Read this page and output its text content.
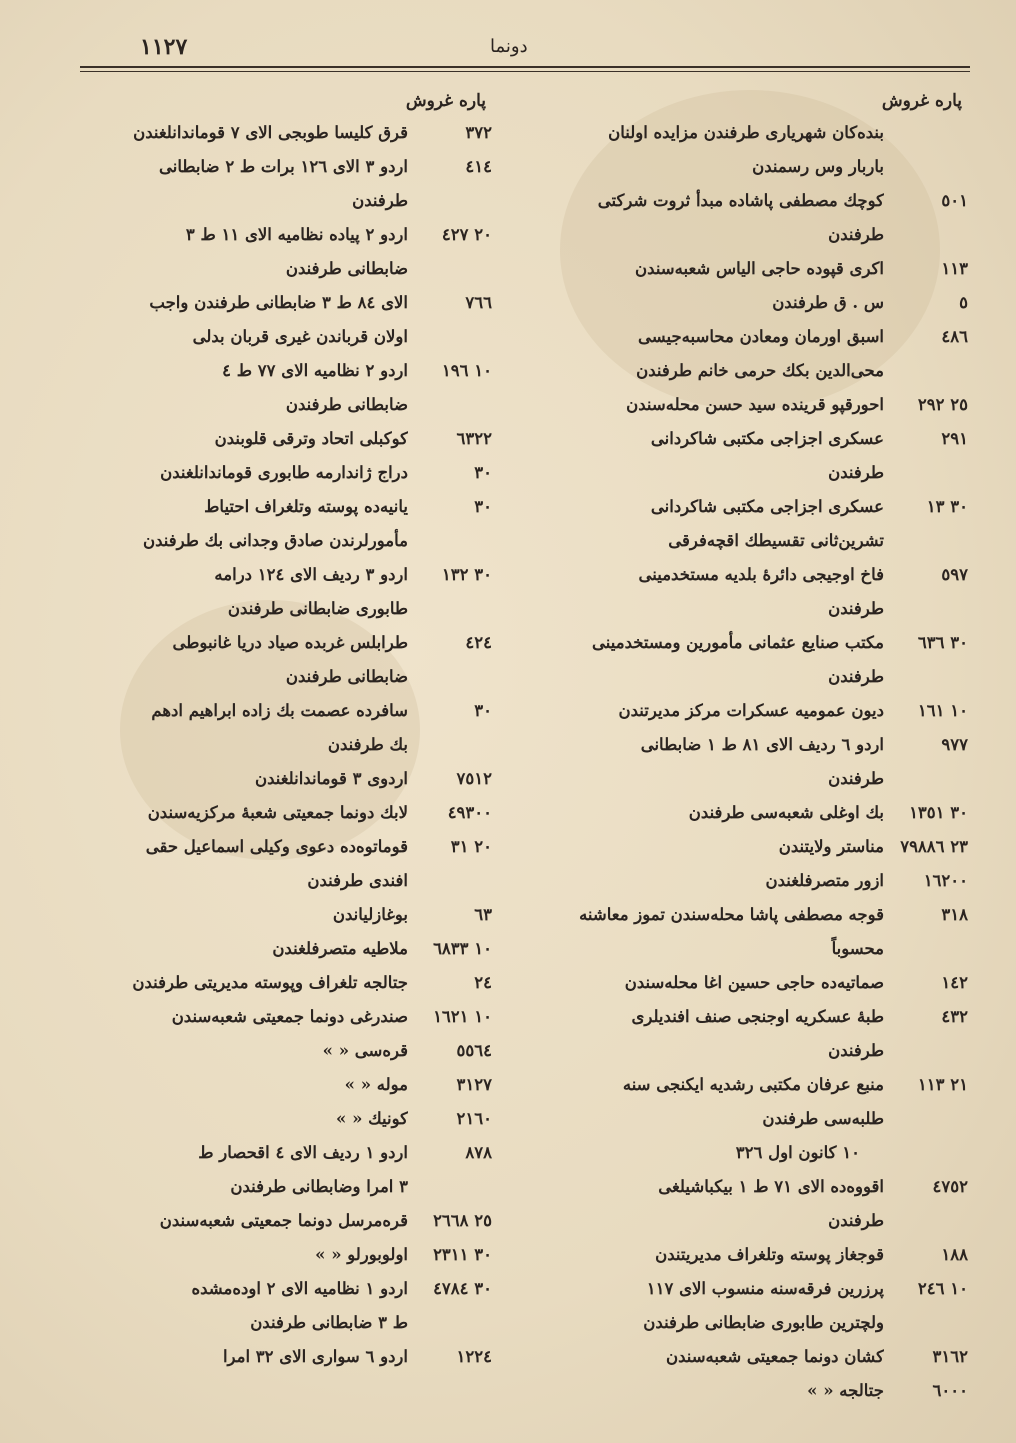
١١٢٧	دونما
پاره غروش
بنده‌کان شهریاری طرفندن مزایده اولنان
باربار وس رسمندن
٥٠١
کوچك مصطفی پاشاده مبدأ ثروت شرکتی
طرفندن
١١٣
اکری قپوده حاجی الیاس شعبه‌سندن
٥
س . ق طرفندن
٤٨٦
اسبق اورمان ومعادن محاسبه‌جیسی
محی‌الدین بکك حرمی خانم طرفندن
٢٥ ٢٩٢
احورقپو قرینده سید حسن محله‌سندن
٢٩١
عسکری اجزاجی مکتبی شاکردانی
طرفندن
٣٠ ١٣
عسکری اجزاجی مکتبی شاکردانی
تشرین‌ثانی تقسیطك اقچه‌فرقی
٥٩٧
فاخ اوجیجی دائرهٔ بلدیه مستخدمینی
طرفندن
٣٠ ٦٣٦
مکتب صنایع عثمانی مأمورین ومستخدمینی
طرفندن
١٠ ١٦١
دیون عمومیه عسکرات مرکز مدیرتندن
٩٧٧
اردو ٦ ردیف الای ٨١ ط ١ ضابطانی
طرفندن
٣٠ ١٣٥١
بك اوغلی شعبه‌سی طرفندن
٢٣ ٧٩٨٨٦
مناستر ولایتندن
١٦٢٠٠
ازور متصرفلغندن
٣١٨
قوجه مصطفی پاشا محله‌سندن تموز معاشنه
محسوباً
١٤٢
صماتیه‌ده حاجی حسین اغا محله‌سندن
٤٣٢
طبهٔ عسکریه اوجنجی صنف افندیلری
طرفندن
٢١ ١١٣
منبع عرفان مکتبی رشدیه ایکنجی سنه
طلبه‌سی طرفندن
١٠ کانون اول ٣٢٦
٤٧٥٢
اقووه‌ده الای ٧١ ط ١ بیکباشیلغی
طرفندن
١٨٨
قوجغاز پوسته وتلغراف مدیریتندن
١٠ ٢٤٦
پرزرین فرقه‌سنه منسوب الای ١١٧
ولچترین طابوری ضابطانی طرفندن
٣١٦٢
کشان دونما جمعیتی شعبه‌سندن
٦٠٠٠
جتالجه « »
پاره غروش
٣٧٢
قرق کلیسا طوبجی الای ٧ قوماندانلغندن
٤١٤
اردو ٣ الای ١٢٦ برات ط ٢ ضابطانی
طرفندن
٢٠ ٤٢٧
اردو ٢ پیاده نظامیه الای ١١ ط ٣
ضابطانی طرفندن
٧٦٦
الای ٨٤ ط ٣ ضابطانی طرفندن واجب
اولان قرباندن غیری قربان بدلی
١٠ ١٩٦
اردو ٢ نظامیه الای ٧٧ ط ٤
ضابطانی طرفندن
٦٣٢٢
کوکبلی اتحاد وترقی قلوبندن
٣٠
دراج ژاندارمه طابوری قوماندانلغندن
٣٠
یانیه‌ده پوسته وتلغراف احتیاط
مأمورلرندن صادق وجدانی بك طرفندن
٣٠ ١٣٢
اردو ٣ ردیف الای ١٢٤ درامه
طابوری ضابطانی طرفندن
٤٢٤
طرابلس غربده صیاد دریا غانبوطی
ضابطانی طرفندن
٣٠
سافرده عصمت بك زاده ابراهیم ادهم
بك طرفندن
٧٥١٢
اردوی ٣ قوماندانلغندن
٤٩٣٠٠
لابك دونما جمعیتی شعبهٔ مرکزیه‌سندن
٢٠ ٣١
قوماتوه‌ده دعوی وکیلی اسماعیل حقی
افندی طرفندن
٦٣
بوغازلیاندن
١٠ ٦٨٣٣
ملاطیه متصرفلغندن
٢٤
جتالجه تلغراف وپوسته مدیریتی طرفندن
١٠ ١٦٢١
صندرغی دونما جمعیتی شعبه‌سندن
٥٥٦٤
قره‌سی « »
٣١٢٧
موله « »
٢١٦٠
کونیك « »
٨٧٨
اردو ١ ردیف الای ٤ اقحصار ط
٣ امرا وضابطانی طرفندن
٢٥ ٢٦٦٨
قره‌مرسل دونما جمعیتی شعبه‌سندن
٣٠ ٢٣١١
اولوبورلو « »
٣٠ ٤٧٨٤
اردو ١ نظامیه الای ٢ اوده‌مشده
ط ٣ ضابطانی طرفندن
١٢٢٤
اردو ٦ سواری الای ٣٢ امرا
